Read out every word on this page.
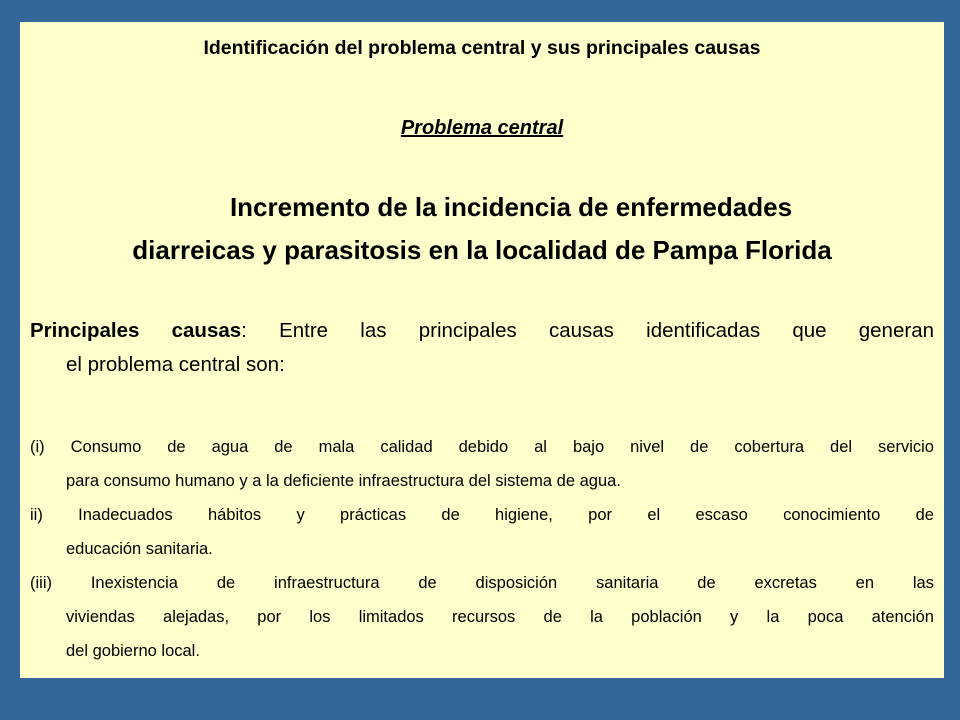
Identificación del problema central y sus principales causas
Problema central
Incremento de la incidencia de enfermedades
diarreicas y parasitosis en la localidad de Pampa Florida
Principales causas: Entre las principales causas identificadas que generan
el problema central son:
(i) Consumo de agua de mala calidad debido al bajo nivel de cobertura del servicio
para consumo humano y a la deficiente infraestructura del sistema de agua.
ii) Inadecuados hábitos y prácticas de higiene, por el escaso conocimiento de
educación sanitaria.
(iii) Inexistencia de infraestructura de disposición sanitaria de excretas en las
viviendas alejadas, por los limitados recursos de la población y la poca atención
del gobierno local.
